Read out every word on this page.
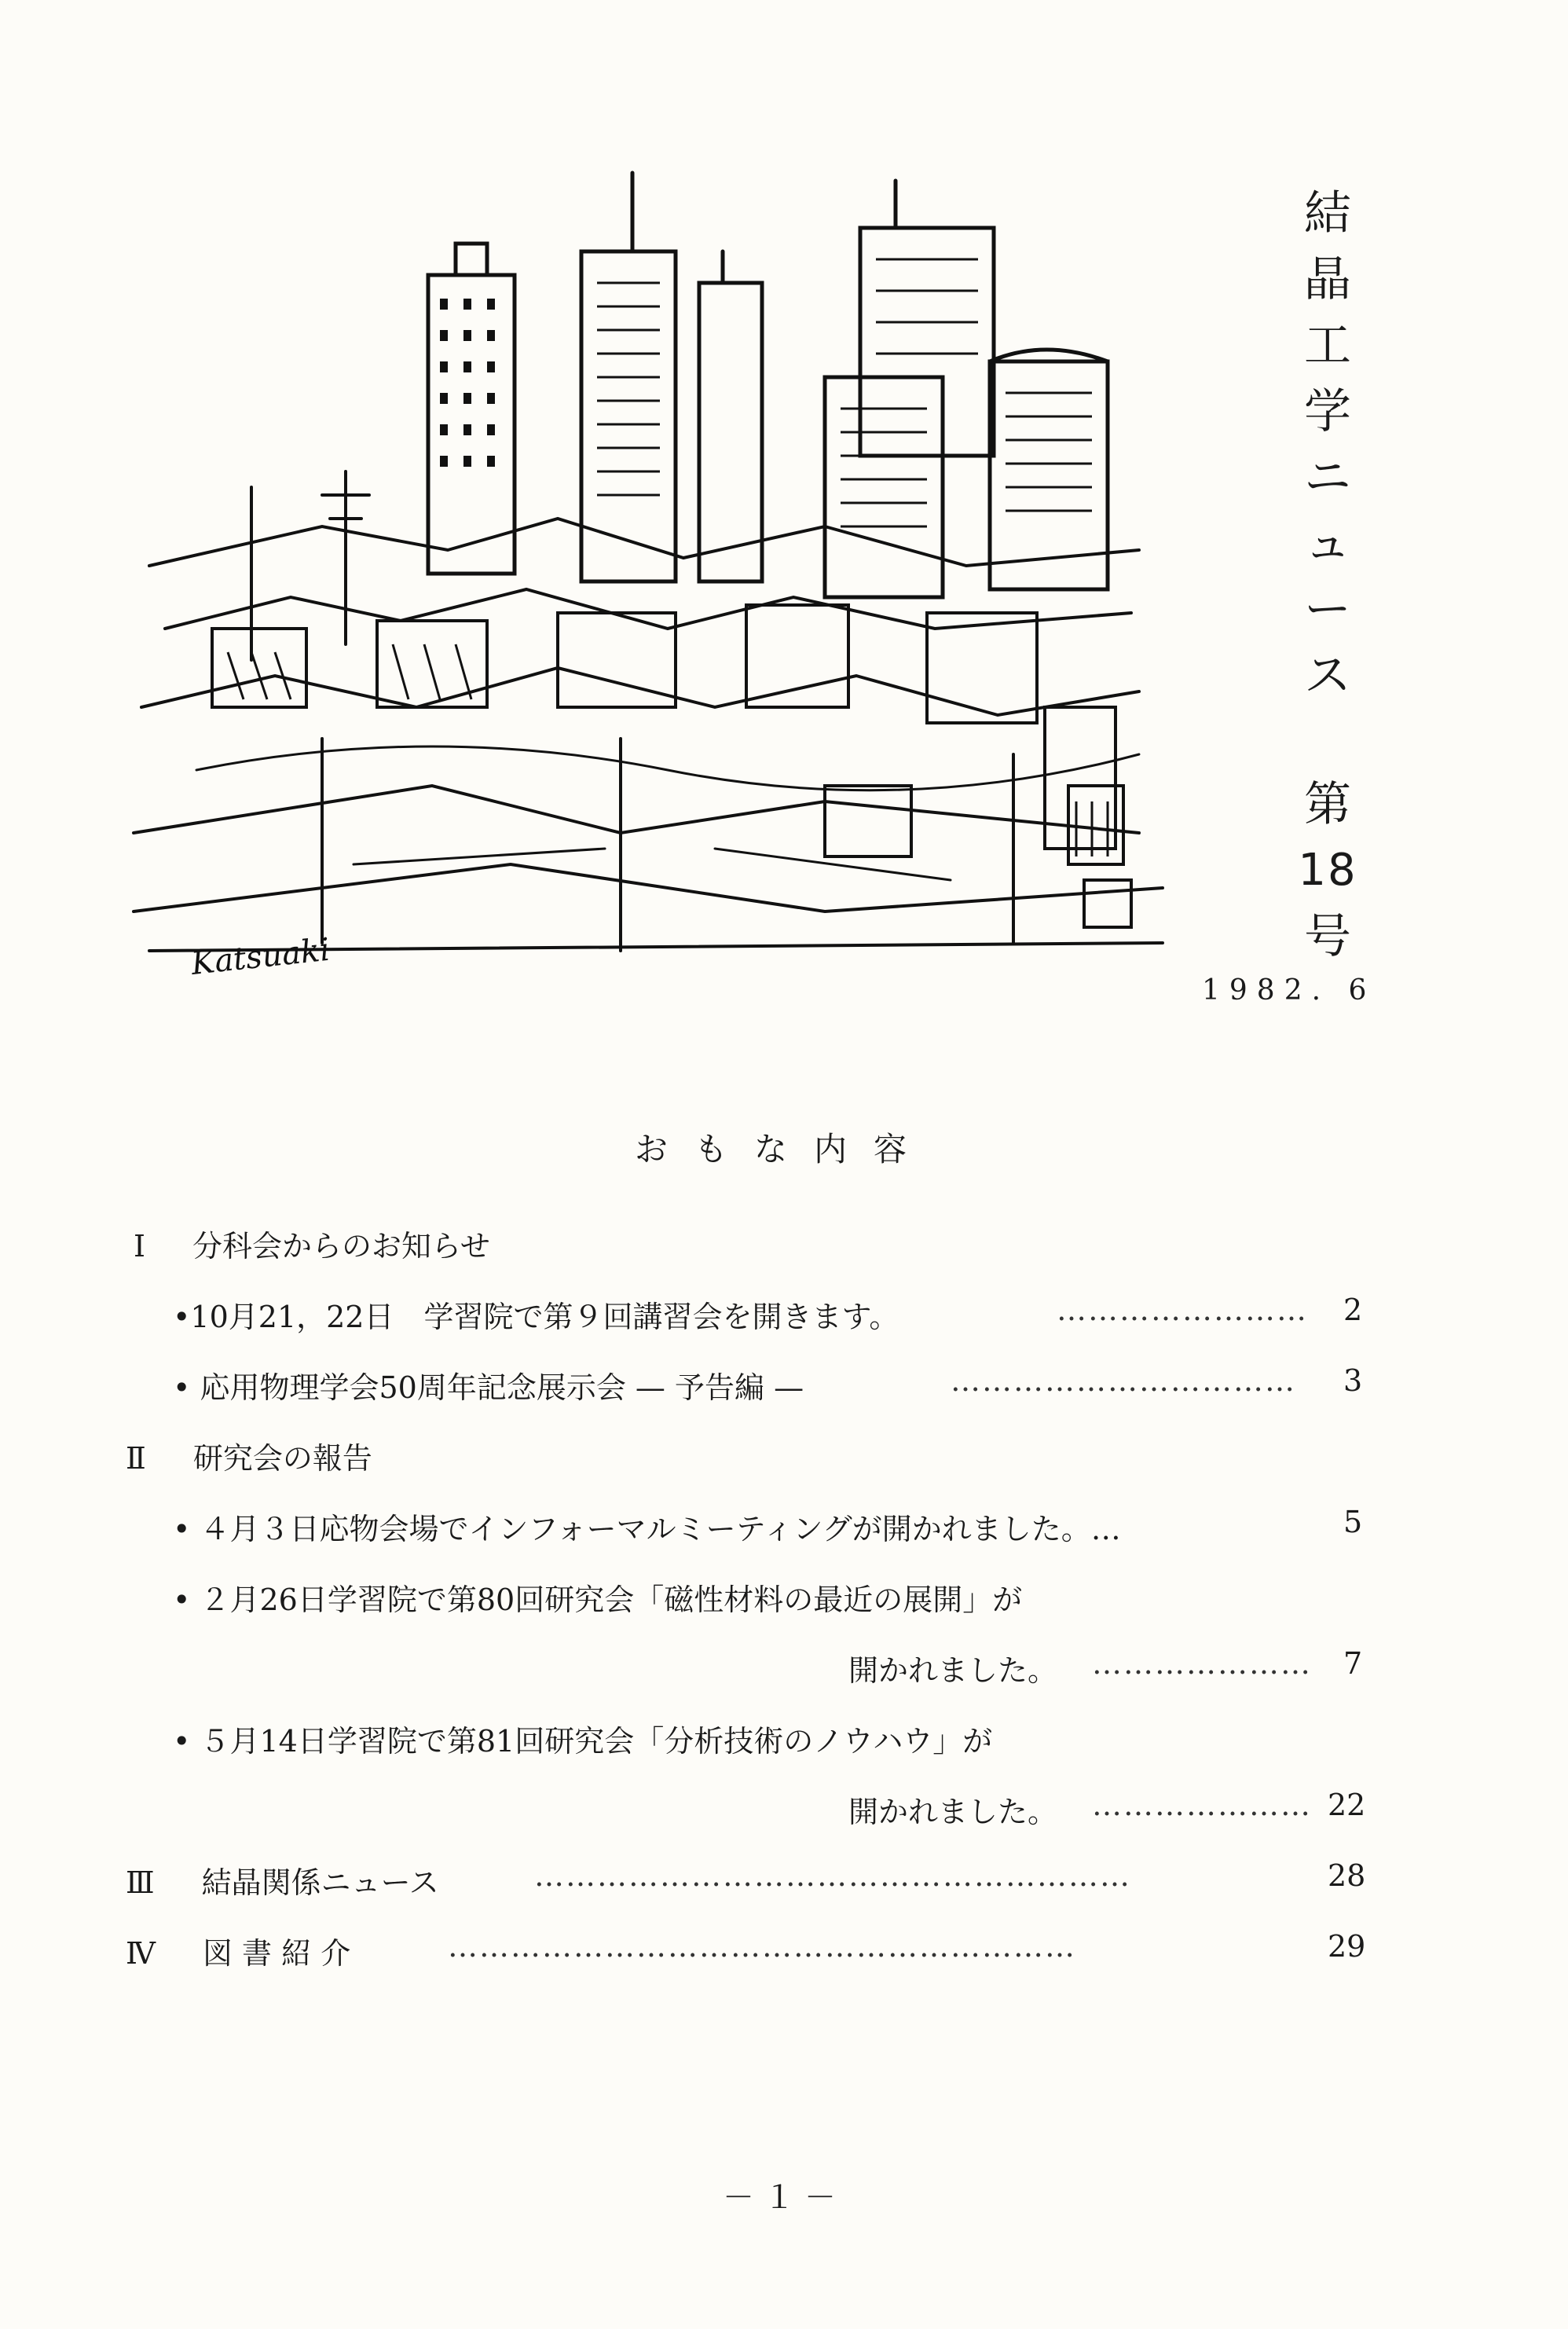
Katsuaki
結
晶
工
学
ニ
ュ
ー
ス
第
18
号
1982. 6
おもな内容
Ⅰ 分科会からのお知らせ
•10月21，22日　学習院で第９回講習会を開きます。	…………………… 2
• 応用物理学会50周年記念展示会 — 予告編 —	…………………………… 3
Ⅱ 研究会の報告
• ４月３日応物会場でインフォーマルミーティングが開かれました。…	5
• ２月26日学習院で第80回研究会「磁性材料の最近の展開」が
開かれました。 ………………… 7
• ５月14日学習院で第81回研究会「分析技術のノウハウ」が
開かれました。 ………………… 22
Ⅲ 結晶関係ニュース	…………………………………………………	28
Ⅳ 図 書 紹 介	……………………………………………………	29
－１－
